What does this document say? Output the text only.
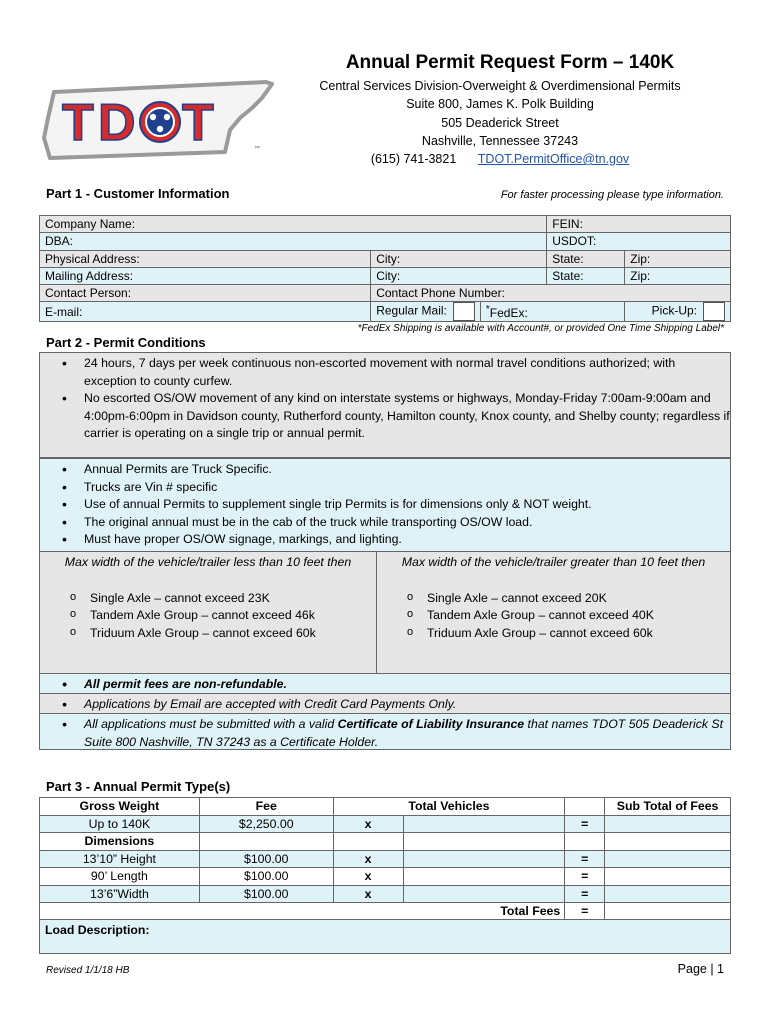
T D T	™
Annual Permit Request Form – 140K
Central Services Division-Overweight & Overdimensional Permits
Suite 800, James K. Polk Building
505 Deaderick Street
Nashville, Tennessee 37243
(615) 741-3821 TDOT.PermitOffice@tn.gov
Part 1 - Customer Information	For faster processing please type information.
Company Name:			FEIN:	
DBA:			USDOT:	
Physical Address:	City:		State:	Zip:
Mailing Address:	City:		State:	Zip:
Contact Person:	Contact Phone Number:			
E-mail:	Regular Mail:	*FedEx:		Pick-Up:
*FedEx Shipping is available with Account#, or provided One Time Shipping Label*
Part 2 - Permit Conditions
• 24 hours, 7 days per week continuous non-escorted movement with normal travel conditions authorized; with exception to county curfew.
• No escorted OS/OW movement of any kind on interstate systems or highways, Monday-Friday 7:00am-9:00am and 4:00pm-6:00pm in Davidson county, Rutherford county, Hamilton county, Knox county, and Shelby county; regardless if carrier is operating on a single trip or annual permit.
• Annual Permits are Truck Specific.
• Trucks are Vin # specific
• Use of annual Permits to supplement single trip Permits is for dimensions only & NOT weight.
• The original annual must be in the cab of the truck while transporting OS/OW load.
• Must have proper OS/OW signage, markings, and lighting.
Max width of the vehicle/trailer less than 10 feet then
o Single Axle – cannot exceed 23K
o Tandem Axle Group – cannot exceed 46k
o Triduum Axle Group – cannot exceed 60k
Max width of the vehicle/trailer greater than 10 feet then
o Single Axle – cannot exceed 20K
o Tandem Axle Group – cannot exceed 40K
o Triduum Axle Group – cannot exceed 60k
• All permit fees are non-refundable.
• Applications by Email are accepted with Credit Card Payments Only.
• All applications must be submitted with a valid Certificate of Liability Insurance that names TDOT 505 Deaderick St Suite 800 Nashville, TN 37243 as a Certificate Holder.
Part 3 - Annual Permit Type(s)
Gross Weight	Fee	Total Vehicles			Sub Total of Fees
Up to 140K	$2,250.00	x		=	
Dimensions					
13’10” Height	$100.00	x		=	
90’ Length	$100.00	x		=	
13’6”Width	$100.00	x		=	
Total Fees				=	
Load Description:
Revised 1/1/18 HB	Page | 1
